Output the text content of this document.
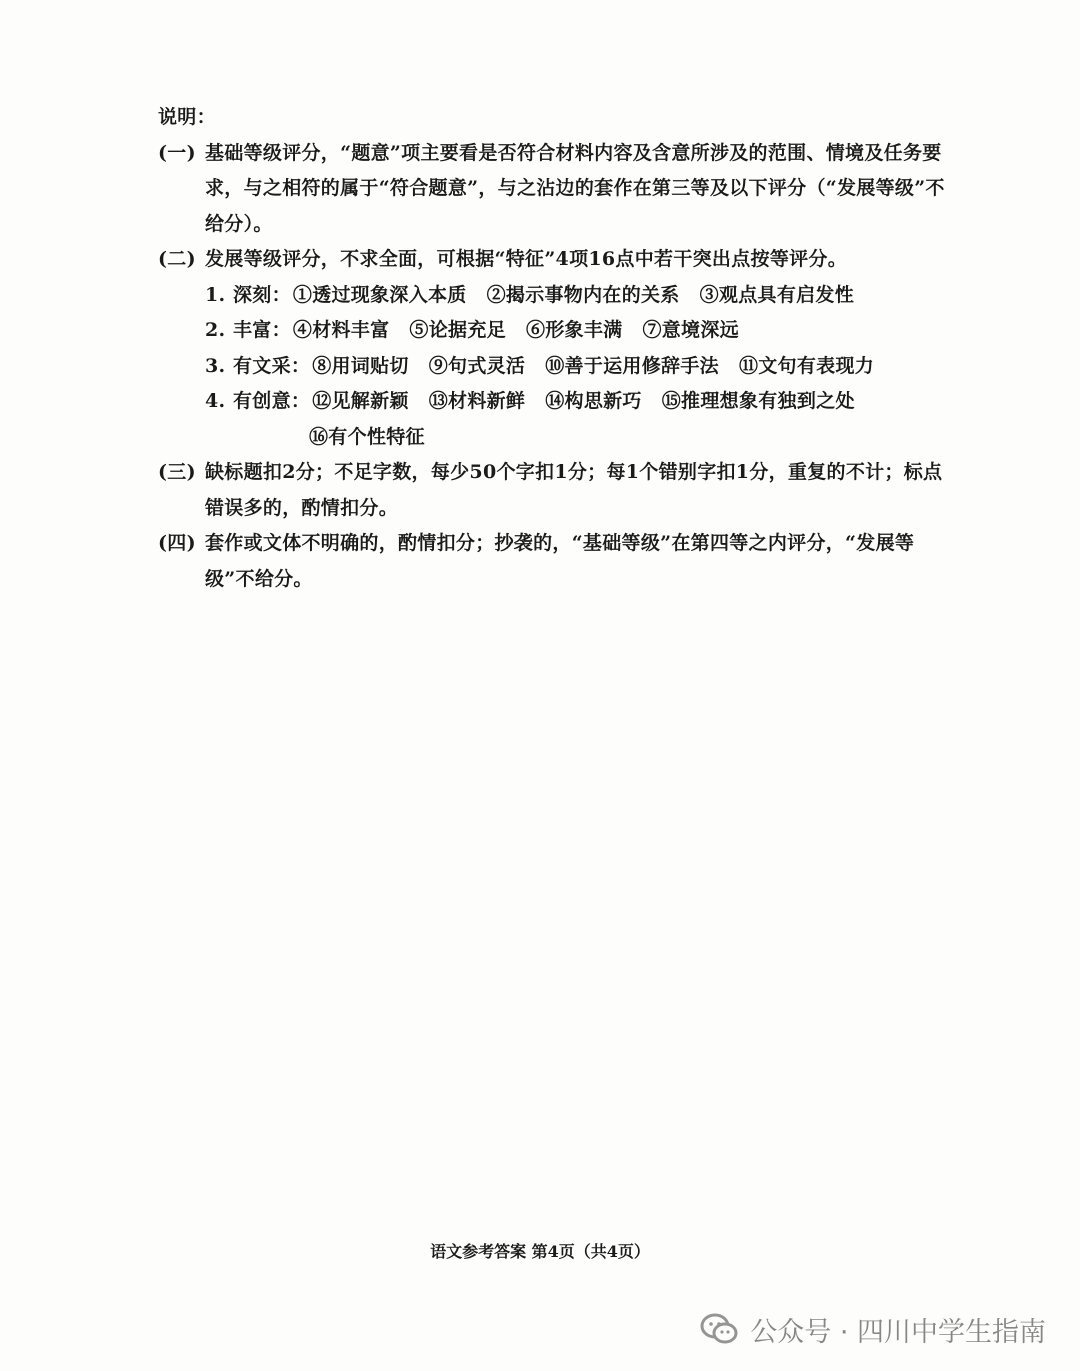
说明：

(一) 基础等级评分，“题意”项主要看是否符合材料内容及含意所涉及的范围、情境及任务要求，与之相符的属于“符合题意”，与之沾边的套作在第三等及以下评分（“发展等级”不给分）。
(二) 发展等级评分，不求全面，可根据“特征”4项16点中若干突出点按等评分。
1. 深刻： ①透过现象深入本质 ②揭示事物内在的关系 ③观点具有启发性
2. 丰富： ④材料丰富 ⑤论据充足 ⑥形象丰满 ⑦意境深远
3. 有文采： ⑧用词贴切 ⑨句式灵活 ⑩善于运用修辞手法 ⑪文句有表现力
4. 有创意： ⑫见解新颖 ⑬材料新鲜 ⑭构思新巧 ⑮推理想象有独到之处
⑯有个性特征
(三) 缺标题扣2分；不足字数，每少50个字扣1分；每1个错别字扣1分，重复的不计；标点错误多的，酌情扣分。
(四) 套作或文体不明确的，酌情扣分；抄袭的，“基础等级”在第四等之内评分，“发展等级”不给分。
语文参考答案 第4页（共4页）
公众号 · 四川中学生指南
